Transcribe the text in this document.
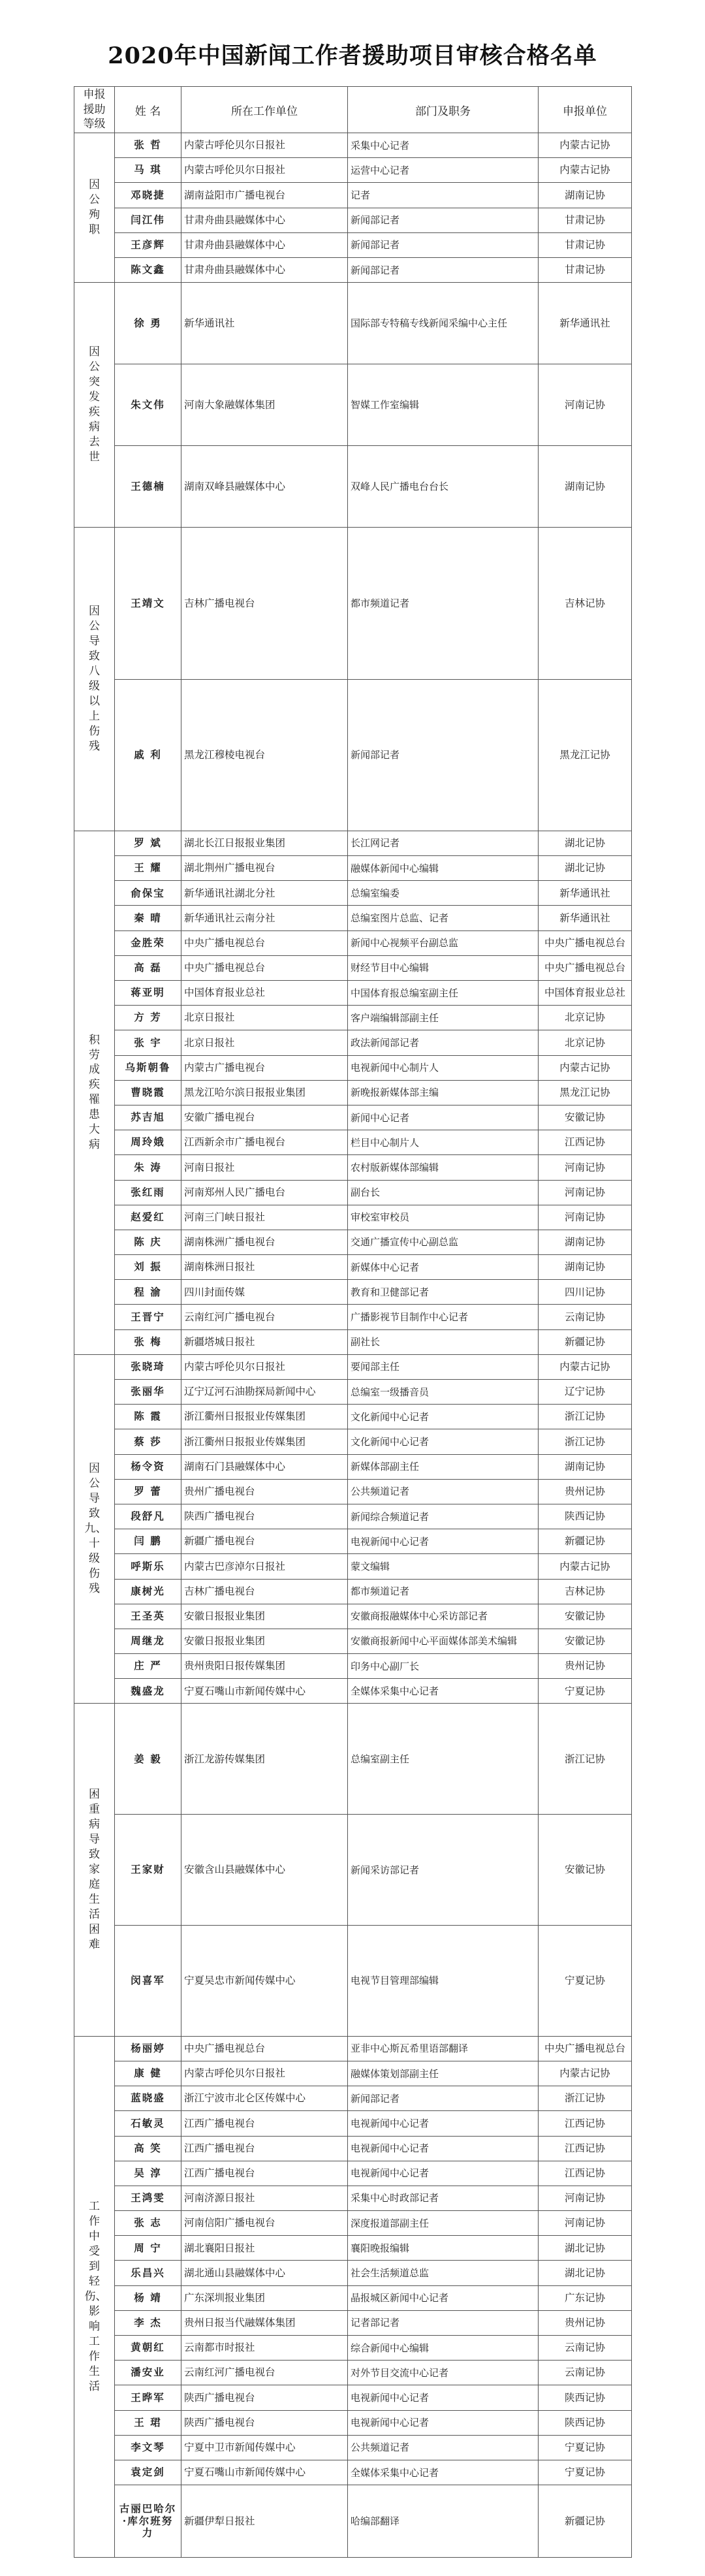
2020年中国新闻工作者援助项目审核合格名单
申报援助等级	姓 名	所在工作单位	部门及职务	申报单位
因公殉职	张 哲	内蒙古呼伦贝尔日报社	采集中心记者	内蒙古记协
	马 琪	内蒙古呼伦贝尔日报社	运营中心记者	内蒙古记协
	邓晓捷	湖南益阳市广播电视台	记者	湖南记协
	闫江伟	甘肃舟曲县融媒体中心	新闻部记者	甘肃记协
	王彦辉	甘肃舟曲县融媒体中心	新闻部记者	甘肃记协
	陈文鑫	甘肃舟曲县融媒体中心	新闻部记者	甘肃记协
因公突发疾病去世	徐 勇	新华通讯社	国际部专特稿专线新闻采编中心主任	新华通讯社
	朱文伟	河南大象融媒体集团	智媒工作室编辑	河南记协
	王德楠	湖南双峰县融媒体中心	双峰人民广播电台台长	湖南记协
因公导致八级以上伤残	王靖文	吉林广播电视台	都市频道记者	吉林记协
	戚 利	黑龙江穆棱电视台	新闻部记者	黑龙江记协
积劳成疾罹患大病	罗 斌	湖北长江日报报业集团	长江网记者	湖北记协
	王 耀	湖北荆州广播电视台	融媒体新闻中心编辑	湖北记协
	俞保宝	新华通讯社湖北分社	总编室编委	新华通讯社
	秦 晴	新华通讯社云南分社	总编室图片总监、记者	新华通讯社
	金胜荣	中央广播电视总台	新闻中心视频平台副总监	中央广播电视总台
	高 磊	中央广播电视总台	财经节目中心编辑	中央广播电视总台
	蒋亚明	中国体育报业总社	中国体育报总编室副主任	中国体育报业总社
	方 芳	北京日报社	客户端编辑部副主任	北京记协
	张 宇	北京日报社	政法新闻部记者	北京记协
	乌斯朝鲁	内蒙古广播电视台	电视新闻中心制片人	内蒙古记协
	曹晓霞	黑龙江哈尔滨日报报业集团	新晚报新媒体部主编	黑龙江记协
	苏吉旭	安徽广播电视台	新闻中心记者	安徽记协
	周玲娥	江西新余市广播电视台	栏目中心制片人	江西记协
	朱 涛	河南日报社	农村版新媒体部编辑	河南记协
	张红雨	河南郑州人民广播电台	副台长	河南记协
	赵爱红	河南三门峡日报社	审校室审校员	河南记协
	陈 庆	湖南株洲广播电视台	交通广播宣传中心副总监	湖南记协
	刘 振	湖南株洲日报社	新媒体中心记者	湖南记协
	程 渝	四川封面传媒	教育和卫健部记者	四川记协
	王晋宁	云南红河广播电视台	广播影视节目制作中心记者	云南记协
	张 梅	新疆塔城日报社	副社长	新疆记协
因公导致九、十级伤残	张晓琦	内蒙古呼伦贝尔日报社	要闻部主任	内蒙古记协
	张丽华	辽宁辽河石油勘探局新闻中心	总编室一级播音员	辽宁记协
	陈 霞	浙江衢州日报报业传媒集团	文化新闻中心记者	浙江记协
	蔡 莎	浙江衢州日报报业传媒集团	文化新闻中心记者	浙江记协
	杨令资	湖南石门县融媒体中心	新媒体部副主任	湖南记协
	罗 蕾	贵州广播电视台	公共频道记者	贵州记协
	段舒凡	陕西广播电视台	新闻综合频道记者	陕西记协
	闫 鹏	新疆广播电视台	电视新闻中心记者	新疆记协
	呼斯乐	内蒙古巴彦淖尔日报社	蒙文编辑	内蒙古记协
	康树光	吉林广播电视台	都市频道记者	吉林记协
	王圣英	安徽日报报业集团	安徽商报融媒体中心采访部记者	安徽记协
	周继龙	安徽日报报业集团	安徽商报新闻中心平面媒体部美术编辑	安徽记协
	庄 严	贵州贵阳日报传媒集团	印务中心副厂长	贵州记协
	魏盛龙	宁夏石嘴山市新闻传媒中心	全媒体采集中心记者	宁夏记协
困重病导致家庭生活困难	姜 毅	浙江龙游传媒集团	总编室副主任	浙江记协
	王家财	安徽含山县融媒体中心	新闻采访部记者	安徽记协
	闵喜军	宁夏吴忠市新闻传媒中心	电视节目管理部编辑	宁夏记协
工作中受到轻伤、影响工作生活	杨丽婷	中央广播电视总台	亚非中心斯瓦希里语部翻译	中央广播电视总台
	康 健	内蒙古呼伦贝尔日报社	融媒体策划部副主任	内蒙古记协
	蓝晓盛	浙江宁波市北仑区传媒中心	新闻部记者	浙江记协
	石敏灵	江西广播电视台	电视新闻中心记者	江西记协
	高 笑	江西广播电视台	电视新闻中心记者	江西记协
	吴 淳	江西广播电视台	电视新闻中心记者	江西记协
	王鸿雯	河南济源日报社	采集中心时政部记者	河南记协
	张 志	河南信阳广播电视台	深度报道部副主任	河南记协
	周 宁	湖北襄阳日报社	襄阳晚报编辑	湖北记协
	乐昌兴	湖北通山县融媒体中心	社会生活频道总监	湖北记协
	杨 靖	广东深圳报业集团	晶报城区新闻中心记者	广东记协
	李 杰	贵州日报当代融媒体集团	记者部记者	贵州记协
	黄朝红	云南都市时报社	综合新闻中心编辑	云南记协
	潘安业	云南红河广播电视台	对外节目交流中心记者	云南记协
	王晔军	陕西广播电视台	电视新闻中心记者	陕西记协
	王 珺	陕西广播电视台	电视新闻中心记者	陕西记协
	李文琴	宁夏中卫市新闻传媒中心	公共频道记者	宁夏记协
	袁定剑	宁夏石嘴山市新闻传媒中心	全媒体采集中心记者	宁夏记协
	古丽巴哈尔·库尔班努力	新疆伊犁日报社	哈编部翻译	新疆记协
